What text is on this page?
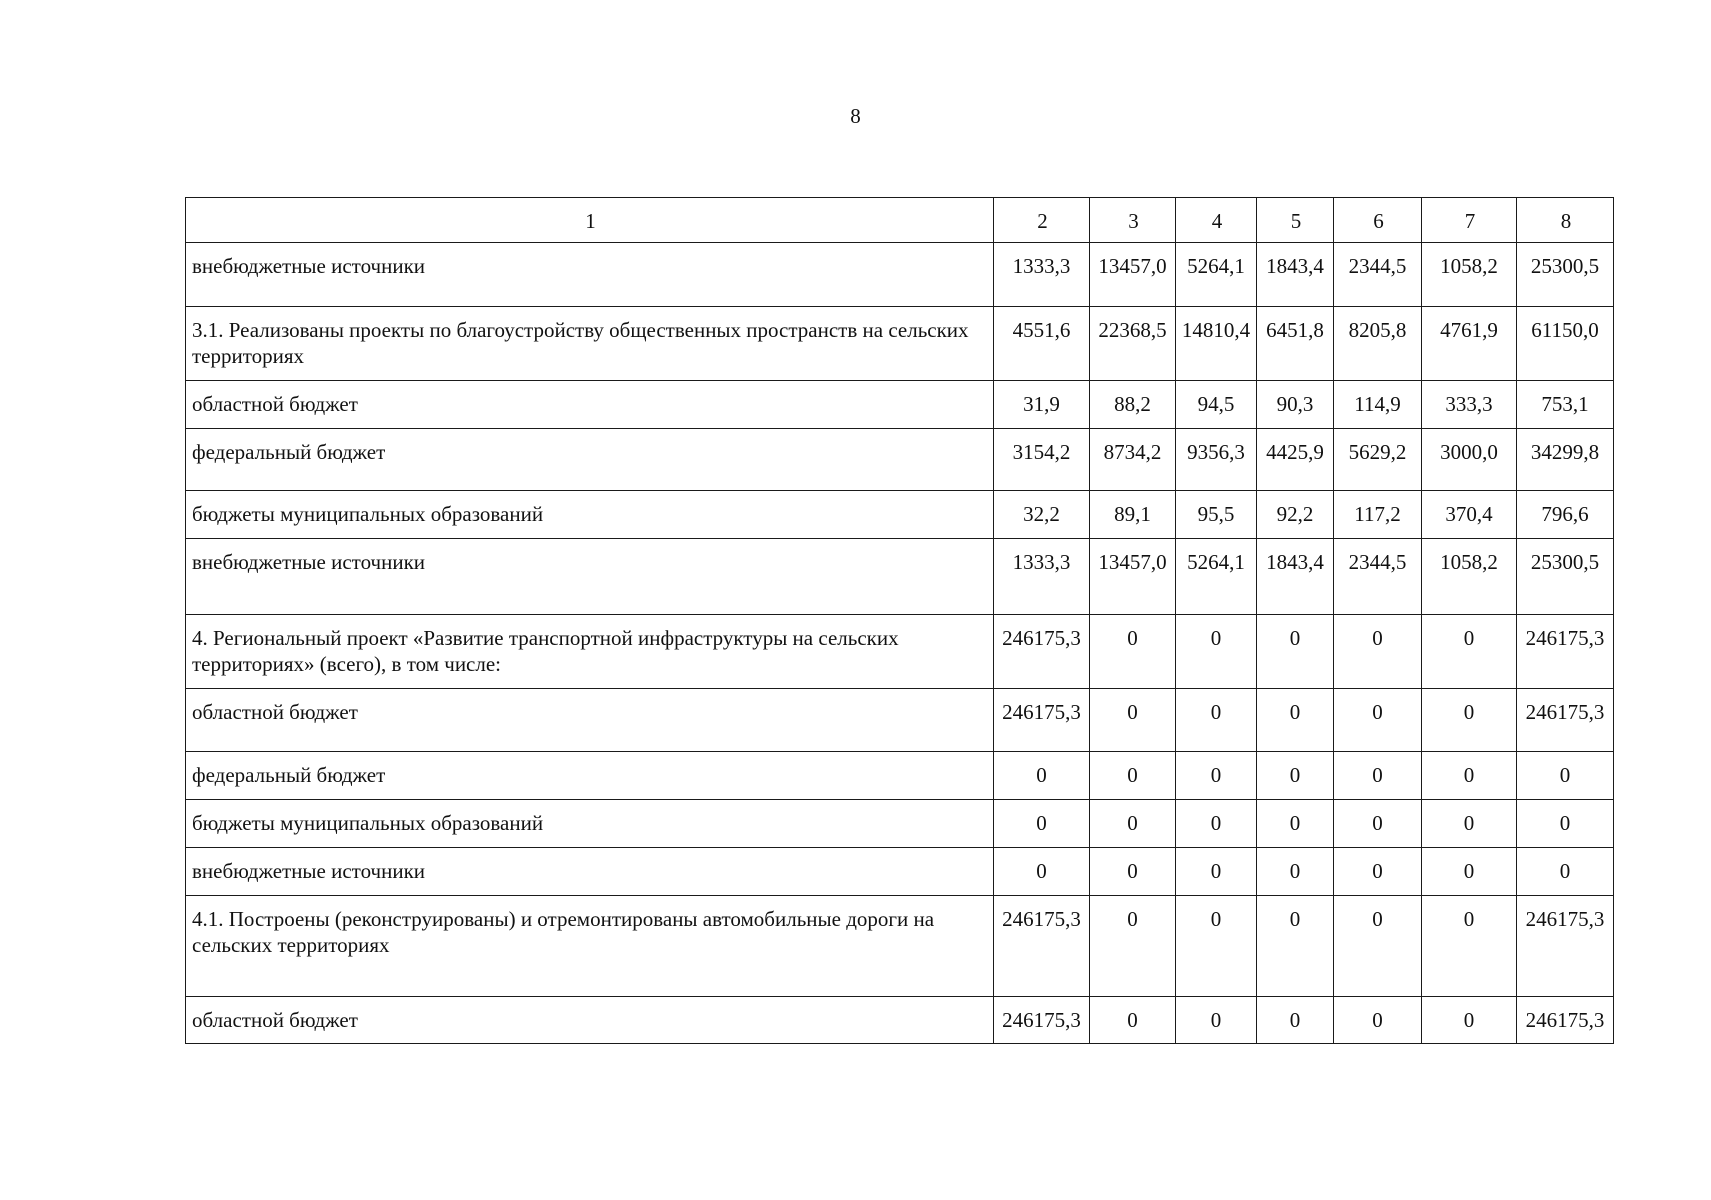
8
1	2	3	4	5	6	7	8
внебюджетные источники	1333,3	13457,0	5264,1	1843,4	2344,5	1058,2	25300,5
3.1. Реализованы проекты по благоустройству общественных пространств на сельских территориях	4551,6	22368,5	14810,4	6451,8	8205,8	4761,9	61150,0
областной бюджет	31,9	88,2	94,5	90,3	114,9	333,3	753,1
федеральный бюджет	3154,2	8734,2	9356,3	4425,9	5629,2	3000,0	34299,8
бюджеты муниципальных образований	32,2	89,1	95,5	92,2	117,2	370,4	796,6
внебюджетные источники	1333,3	13457,0	5264,1	1843,4	2344,5	1058,2	25300,5
4. Региональный проект «Развитие транспортной инфраструктуры на сельских территориях» (всего), в том числе:	246175,3	0	0	0	0	0	246175,3
областной бюджет	246175,3	0	0	0	0	0	246175,3
федеральный бюджет	0	0	0	0	0	0	0
бюджеты муниципальных образований	0	0	0	0	0	0	0
внебюджетные источники	0	0	0	0	0	0	0
4.1. Построены (реконструированы) и отремонтированы автомобильные дороги на сельских территориях	246175,3	0	0	0	0	0	246175,3
областной бюджет	246175,3	0	0	0	0	0	246175,3
